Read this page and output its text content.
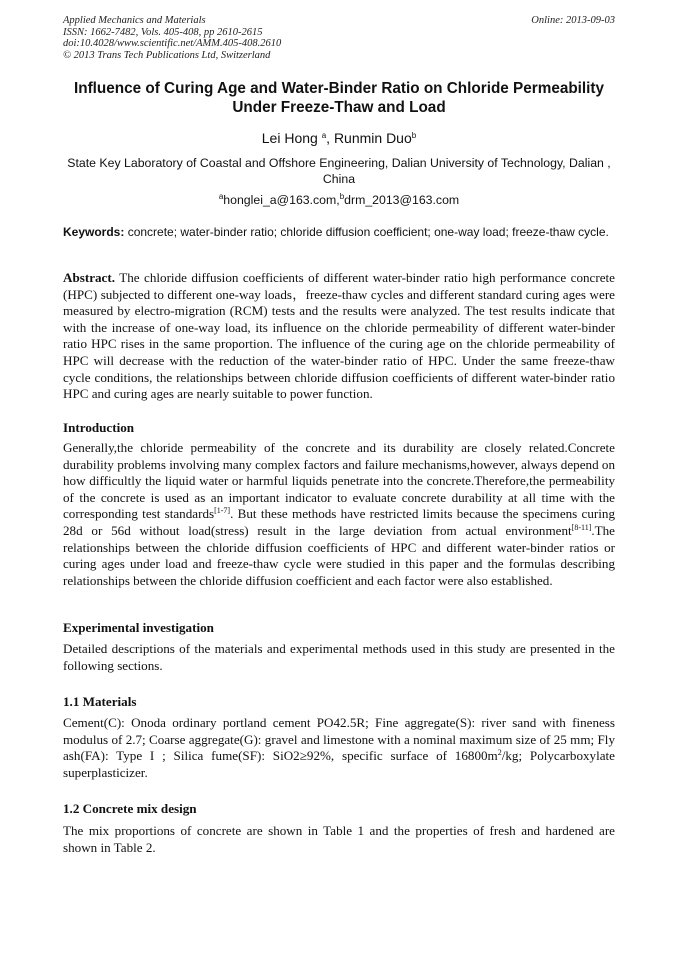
Applied Mechanics and Materials
ISSN: 1662-7482, Vols. 405-408, pp 2610-2615
doi:10.4028/www.scientific.net/AMM.405-408.2610
© 2013 Trans Tech Publications Ltd, Switzerland
Online: 2013-09-03
Influence of Curing Age and Water-Binder Ratio on Chloride Permeability
Under Freeze-Thaw and Load
Lei Hong $^a$, Runmin Duo$^b$
State Key Laboratory of Coastal and Offshore Engineering, Dalian University of Technology, Dalian , China
$^a$honglei_a@163.com,$^b$drm_2013@163.com
Keywords: concrete; water-binder ratio; chloride diffusion coefficient; one-way load; freeze-thaw cycle.
Abstract. The chloride diffusion coefficients of different water-binder ratio high performance concrete (HPC) subjected to different one-way loads，freeze-thaw cycles and different standard curing ages were measured by electro-migration (RCM) tests and the results were analyzed. The test results indicate that with the increase of one-way load, its influence on the chloride permeability of different water-binder ratio HPC rises in the same proportion. The influence of the curing age on the chloride permeability of HPC will decrease with the reduction of the water-binder ratio of HPC. Under the same freeze-thaw cycle conditions, the relationships between chloride diffusion coefficients of different water-binder ratio HPC and curing ages are nearly suitable to power function.
Introduction
Generally,the chloride permeability of the concrete and its durability are closely related.Concrete durability problems involving many complex factors and failure mechanisms,however, always depend on how difficultly the liquid water or harmful liquids penetrate into the concrete.Therefore,the permeability of the concrete is used as an important indicator to evaluate concrete durability at all time with the corresponding test standards[1-7]. But these methods have restricted limits because the specimens curing 28d or 56d without load(stress) result in the large deviation from actual environment[8-11].The relationships between the chloride diffusion coefficients of HPC and different water-binder ratios or curing ages under load and freeze-thaw cycle were studied in this paper and the formulas describing relationships between the chloride diffusion coefficient and each factor were also established.
Experimental investigation
Detailed descriptions of the materials and experimental methods used in this study are presented in the following sections.
1.1 Materials
Cement(C): Onoda ordinary portland cement PO42.5R; Fine aggregate(S): river sand with fineness modulus of 2.7; Coarse aggregate(G): gravel and limestone with a nominal maximum size of 25 mm; Fly ash(FA): Type I ; Silica fume(SF): SiO2≥92%, specific surface of $16800m^2/kg$; Polycarboxylate superplasticizer.
1.2 Concrete mix design
The mix proportions of concrete are shown in Table 1 and the properties of fresh and hardened are shown in Table 2.
